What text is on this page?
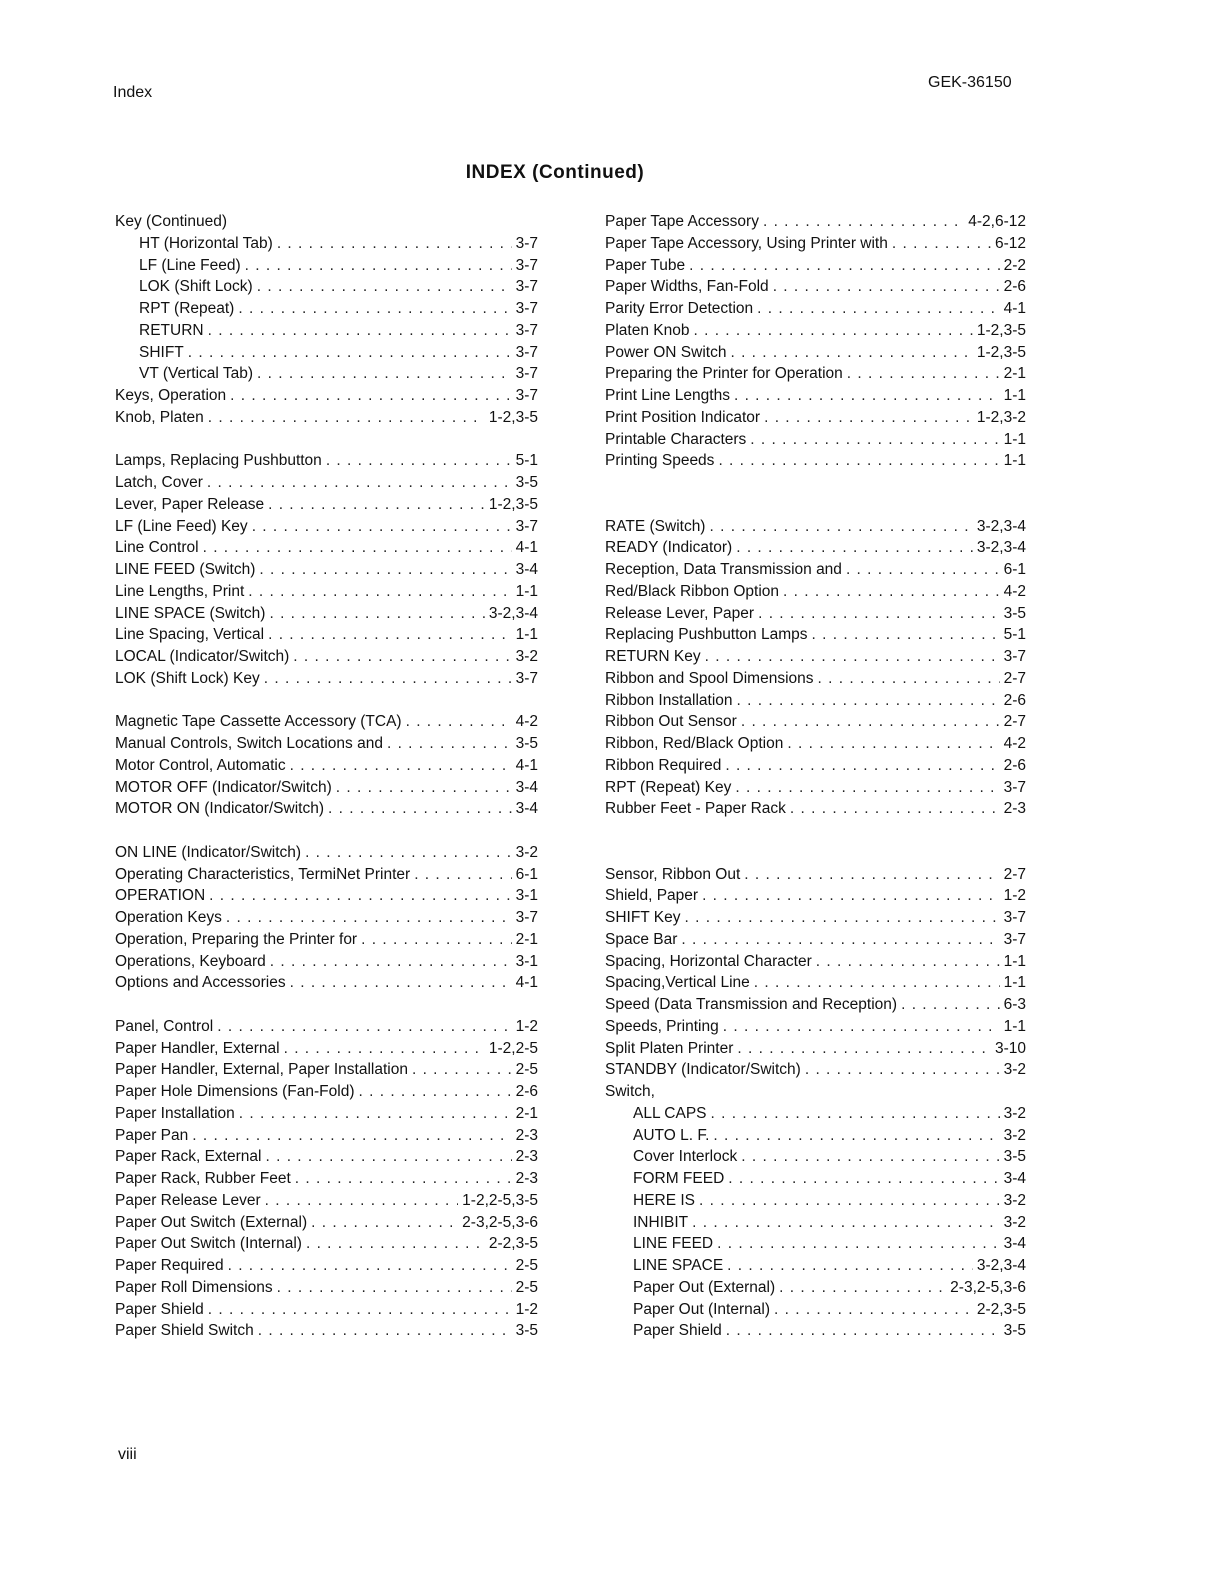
Index
GEK-36150
INDEX (Continued)
Key (Continued)
HT (Horizontal Tab) . . .	3-7
LF (Line Feed) . . .	3-7
LOK (Shift Lock) . . .	3-7
RPT (Repeat) . . .	3-7
RETURN . . .	3-7
SHIFT . . .	3-7
VT (Vertical Tab) . . .	3-7
Keys, Operation . . .	3-7
Knob, Platen . . .	1-2,3-5
Lamps, Replacing Pushbutton . . .	5-1
Latch, Cover . . .	3-5
Lever, Paper Release . . .	1-2,3-5
LF (Line Feed) Key . . .	3-7
Line Control . . .	4-1
LINE FEED (Switch) . . .	3-4
Line Lengths, Print . . .	1-1
LINE SPACE (Switch) . . .	3-2,3-4
Line Spacing, Vertical . . .	1-1
LOCAL (Indicator/Switch) . . .	3-2
LOK (Shift Lock) Key . . .	3-7
Magnetic Tape Cassette Accessory (TCA) . . .	4-2
Manual Controls, Switch Locations and . . .	3-5
Motor Control, Automatic . . .	4-1
MOTOR OFF (Indicator/Switch) . . .	3-4
MOTOR ON (Indicator/Switch) . . .	3-4
ON LINE (Indicator/Switch) . . .	3-2
Operating Characteristics, TermiNet Printer . . .	6-1
OPERATION . . .	3-1
Operation Keys . . .	3-7
Operation, Preparing the Printer for . . .	2-1
Operations, Keyboard . . .	3-1
Options and Accessories . . .	4-1
Panel, Control . . .	1-2
Paper Handler, External . . .	1-2,2-5
Paper Handler, External, Paper Installation . . .	2-5
Paper Hole Dimensions (Fan-Fold) . . .	2-6
Paper Installation . . .	2-1
Paper Pan . . .	2-3
Paper Rack, External . . .	2-3
Paper Rack, Rubber Feet . . .	2-3
Paper Release Lever . . .	1-2,2-5,3-5
Paper Out Switch (External) . . .	2-3,2-5,3-6
Paper Out Switch (Internal) . . .	2-2,3-5
Paper Required . . .	2-5
Paper Roll Dimensions . . .	2-5
Paper Shield . . .	1-2
Paper Shield Switch . . .	3-5
Paper Tape Accessory . . .	4-2,6-12
Paper Tape Accessory, Using Printer with . . .	6-12
Paper Tube . . .	2-2
Paper Widths, Fan-Fold . . .	2-6
Parity Error Detection . . .	4-1
Platen Knob . . .	1-2,3-5
Power ON Switch . . .	1-2,3-5
Preparing the Printer for Operation . . .	2-1
Print Line Lengths . . .	1-1
Print Position Indicator . . .	1-2,3-2
Printable Characters . . .	1-1
Printing Speeds . . .	1-1
RATE (Switch) . . .	3-2,3-4
READY (Indicator) . . .	3-2,3-4
Reception, Data Transmission and . . .	6-1
Red/Black Ribbon Option . . .	4-2
Release Lever, Paper . . .	3-5
Replacing Pushbutton Lamps . . .	5-1
RETURN Key . . .	3-7
Ribbon and Spool Dimensions . . .	2-7
Ribbon Installation . . .	2-6
Ribbon Out Sensor . . .	2-7
Ribbon, Red/Black Option . . .	4-2
Ribbon Required . . .	2-6
RPT (Repeat) Key . . .	3-7
Rubber Feet - Paper Rack . . .	2-3
Sensor, Ribbon Out . . .	2-7
Shield, Paper . . .	1-2
SHIFT Key . . .	3-7
Space Bar . . .	3-7
Spacing, Horizontal Character . . .	1-1
Spacing,Vertical Line . . .	1-1
Speed (Data Transmission and Reception) . . .	6-3
Speeds, Printing . . .	1-1
Split Platen Printer . . .	3-10
STANDBY (Indicator/Switch) . . .	3-2
Switch,
ALL CAPS . . .	3-2
AUTO L. F. . . .	3-2
Cover Interlock . . .	3-5
FORM FEED . . .	3-4
HERE IS . . .	3-2
INHIBIT . . .	3-2
LINE FEED . . .	3-4
LINE SPACE . . .	3-2,3-4
Paper Out (External) . . .	2-3,2-5,3-6
Paper Out (Internal) . . .	2-2,3-5
Paper Shield . . .	3-5
viii
